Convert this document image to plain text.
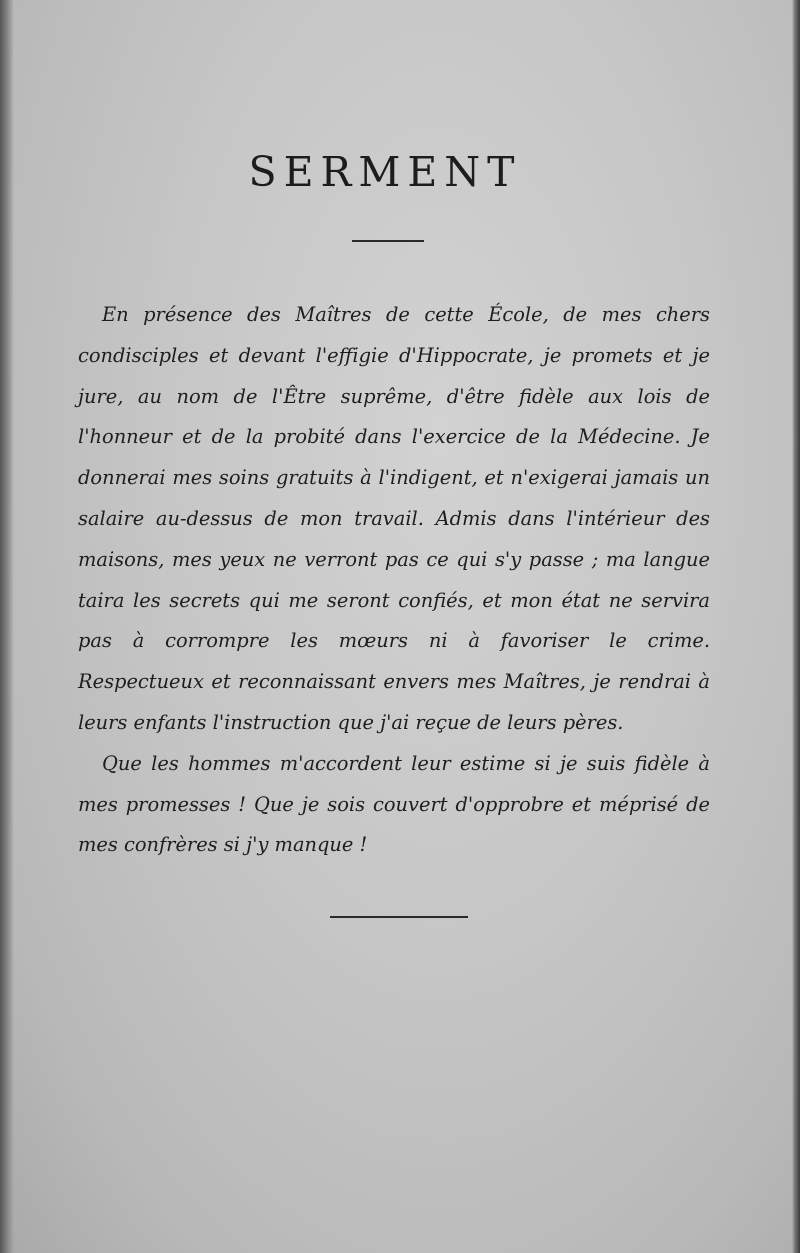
SERMENT

En présence des Maîtres de cette École, de mes chers condisciples et devant l'effigie d'Hippocrate, je promets et je jure, au nom de l'Être suprême, d'être fidèle aux lois de l'honneur et de la probité dans l'exercice de la Médecine. Je donnerai mes soins gratuits à l'indigent, et n'exigerai jamais un salaire au-dessus de mon travail. Admis dans l'intérieur des maisons, mes yeux ne verront pas ce qui s'y passe ; ma langue taira les secrets qui me seront confiés, et mon état ne servira pas à corrompre les mœurs ni à favoriser le crime. Respectueux et reconnaissant envers mes Maîtres, je rendrai à leurs enfants l'instruction que j'ai reçue de leurs pères.

Que les hommes m'accordent leur estime si je suis fidèle à mes promesses ! Que je sois couvert d'opprobre et méprisé de mes confrères si j'y manque !
